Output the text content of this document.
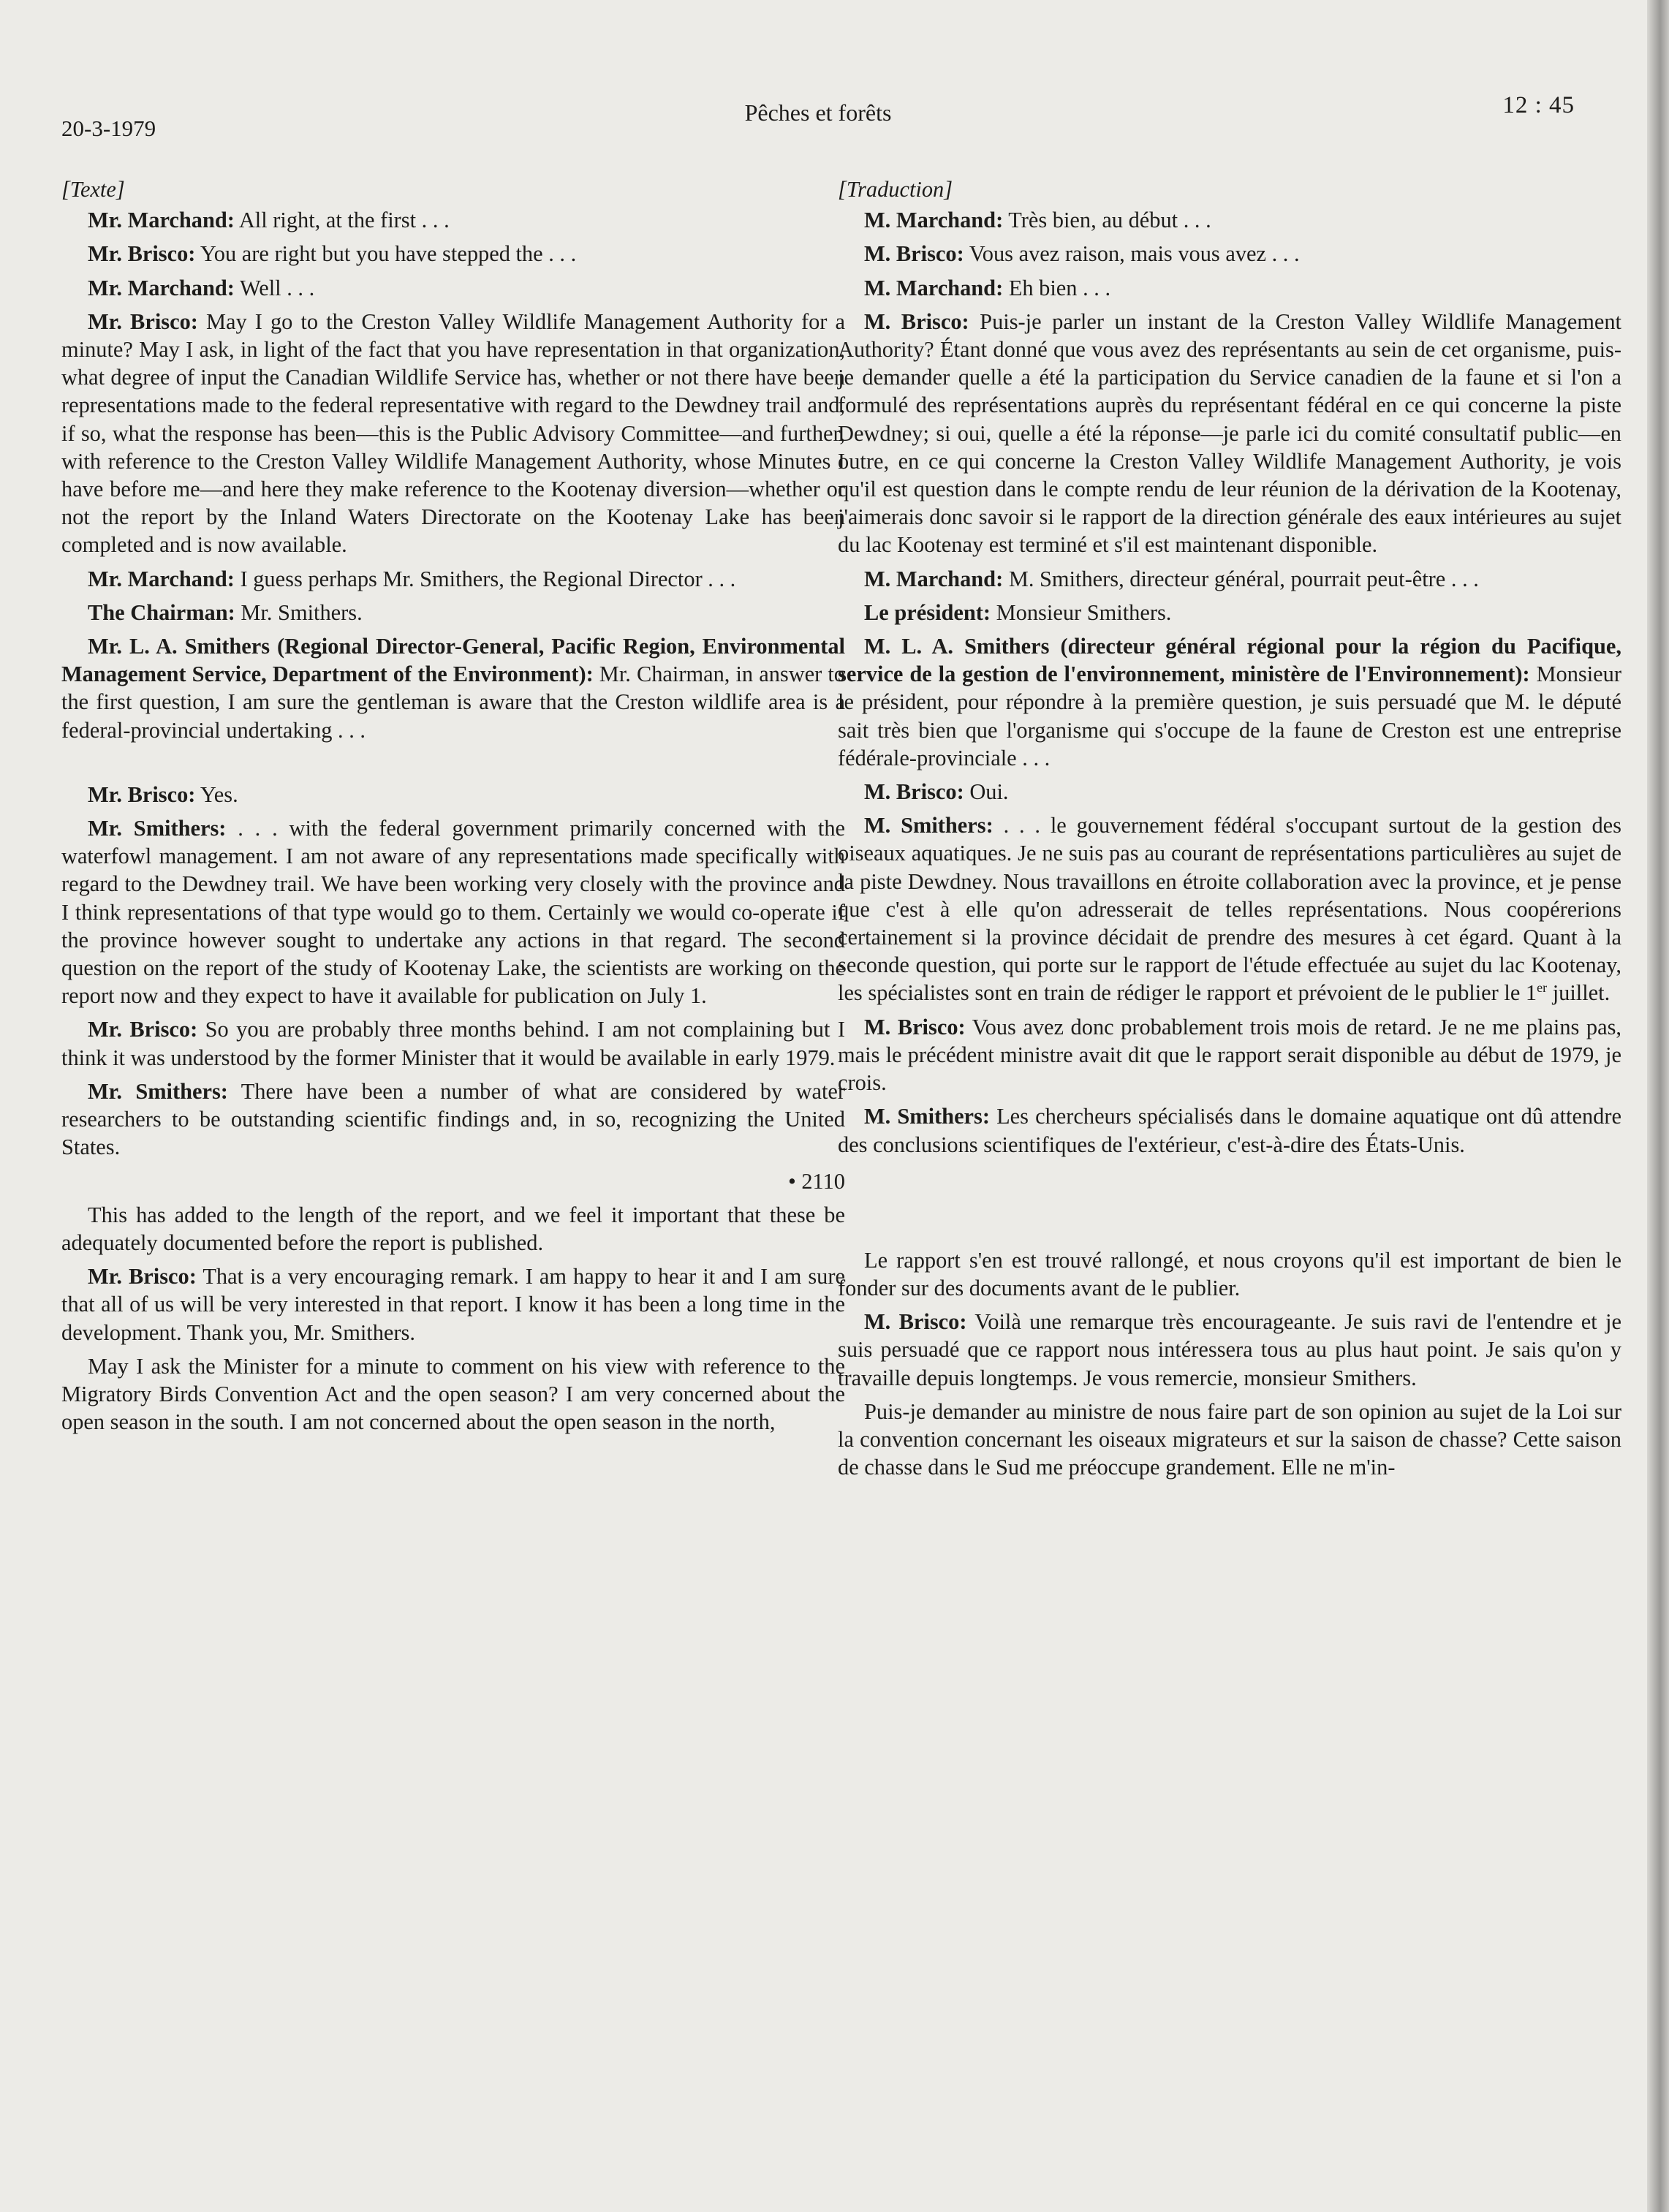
20-3-1979
Pêches et forêts	12 : 45

[Texte]

Mr. Marchand: All right, at the first . . .

Mr. Brisco: You are right but you have stepped the . . .

Mr. Marchand: Well . . .

Mr. Brisco: May I go to the Creston Valley Wildlife Management Authority for a minute? May I ask, in light of the fact that you have representation in that organization, what degree of input the Canadian Wildlife Service has, whether or not there have been representations made to the federal representative with regard to the Dewdney trail and, if so, what the response has been—this is the Public Advisory Committee—and further, with reference to the Creston Valley Wildlife Management Authority, whose Minutes I have before me—and here they make reference to the Kootenay diversion—whether or not the report by the Inland Waters Directorate on the Kootenay Lake has been completed and is now available.

Mr. Marchand: I guess perhaps Mr. Smithers, the Regional Director . . .

The Chairman: Mr. Smithers.

Mr. L. A. Smithers (Regional Director-General, Pacific Region, Environmental Management Service, Department of the Environment): Mr. Chairman, in answer to the first question, I am sure the gentleman is aware that the Creston wildlife area is a federal-provincial undertaking . . .

Mr. Brisco: Yes.

Mr. Smithers: . . . with the federal government primarily concerned with the waterfowl management. I am not aware of any representations made specifically with regard to the Dewdney trail. We have been working very closely with the province and I think representations of that type would go to them. Certainly we would co-operate if the province however sought to undertake any actions in that regard. The second question on the report of the study of Kootenay Lake, the scientists are working on the report now and they expect to have it available for publication on July 1.

Mr. Brisco: So you are probably three months behind. I am not complaining but I think it was understood by the former Minister that it would be available in early 1979.

Mr. Smithers: There have been a number of what are considered by water researchers to be outstanding scientific findings and, in so, recognizing the United States.

• 2110

This has added to the length of the report, and we feel it important that these be adequately documented before the report is published.

Mr. Brisco: That is a very encouraging remark. I am happy to hear it and I am sure that all of us will be very interested in that report. I know it has been a long time in the development. Thank you, Mr. Smithers.

May I ask the Minister for a minute to comment on his view with reference to the Migratory Birds Convention Act and the open season? I am very concerned about the open season in the south. I am not concerned about the open season in the north,

[Traduction]

M. Marchand: Très bien, au début . . .

M. Brisco: Vous avez raison, mais vous avez . . .

M. Marchand: Eh bien . . .

M. Brisco: Puis-je parler un instant de la Creston Valley Wildlife Management Authority? Étant donné que vous avez des représentants au sein de cet organisme, puis-je demander quelle a été la participation du Service canadien de la faune et si l'on a formulé des représentations auprès du représentant fédéral en ce qui concerne la piste Dewdney; si oui, quelle a été la réponse—je parle ici du comité consultatif public—en outre, en ce qui concerne la Creston Valley Wildlife Management Authority, je vois qu'il est question dans le compte rendu de leur réunion de la dérivation de la Kootenay, j'aimerais donc savoir si le rapport de la direction générale des eaux intérieures au sujet du lac Kootenay est terminé et s'il est maintenant disponible.

M. Marchand: M. Smithers, directeur général, pourrait peut-être . . .

Le président: Monsieur Smithers.

M. L. A. Smithers (directeur général régional pour la région du Pacifique, service de la gestion de l'environnement, ministère de l'Environnement): Monsieur le président, pour répondre à la première question, je suis persuadé que M. le député sait très bien que l'organisme qui s'occupe de la faune de Creston est une entreprise fédérale-provinciale . . .

M. Brisco: Oui.

M. Smithers: . . . le gouvernement fédéral s'occupant surtout de la gestion des oiseaux aquatiques. Je ne suis pas au courant de représentations particulières au sujet de la piste Dewdney. Nous travaillons en étroite collaboration avec la province, et je pense que c'est à elle qu'on adresserait de telles représentations. Nous coopérerions certainement si la province décidait de prendre des mesures à cet égard. Quant à la seconde question, qui porte sur le rapport de l'étude effectuée au sujet du lac Kootenay, les spécialistes sont en train de rédiger le rapport et prévoient de le publier le 1er juillet.

M. Brisco: Vous avez donc probablement trois mois de retard. Je ne me plains pas, mais le précédent ministre avait dit que le rapport serait disponible au début de 1979, je crois.

M. Smithers: Les chercheurs spécialisés dans le domaine aquatique ont dû attendre des conclusions scientifiques de l'extérieur, c'est-à-dire des États-Unis.

Le rapport s'en est trouvé rallongé, et nous croyons qu'il est important de bien le fonder sur des documents avant de le publier.

M. Brisco: Voilà une remarque très encourageante. Je suis ravi de l'entendre et je suis persuadé que ce rapport nous intéressera tous au plus haut point. Je sais qu'on y travaille depuis longtemps. Je vous remercie, monsieur Smithers.

Puis-je demander au ministre de nous faire part de son opinion au sujet de la Loi sur la convention concernant les oiseaux migrateurs et sur la saison de chasse? Cette saison de chasse dans le Sud me préoccupe grandement. Elle ne m'in-
